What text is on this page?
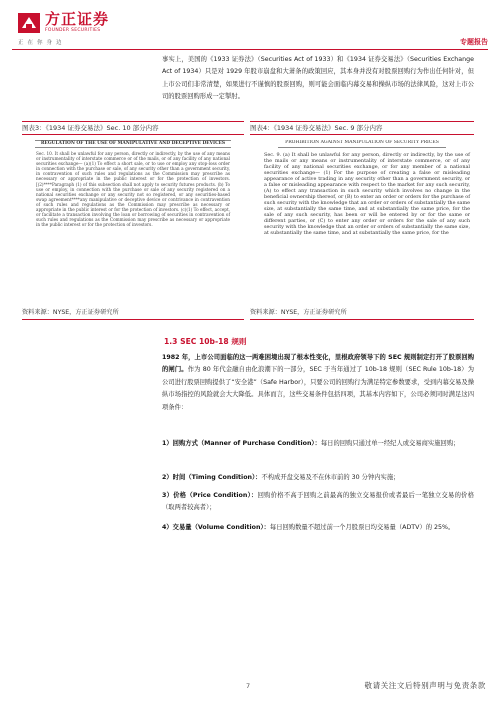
方正证券
FOUNDER SECURITIES
正在你身边	专题报告
事实上，美国的《1933 证券法》（Securities Act of 1933）和《1934 证券交易法》（Securities Exchange Act of 1934）只是对 1929 年股市崩盘和大萧条的政策回应，其本身并没有对股票回购行为作出任何针对，但上市公司们非常清楚，如果进行不谨慎的股票回购，则可能会面临内幕交易和操纵市场的法律风险，这对上市公司的股票回购形成一定掣肘。
图表3：《1934 证券交易法》Sec. 10 部分内容
REGULATION OF THE USE OF MANIPULATIVE AND DECEPTIVE DEVICES
Sec. 10. It shall be unlawful for any person, directly or indirectly, by the use of any means or instrumentality of interstate commerce or of the mails, or of any facility of any national securities exchange— (a)(1) To effect a short sale, or to use or employ any stop-loss order in connection with the purchase or sale, of any security other than a government security, in contravention of such rules and regulations as the Commission may prescribe as necessary or appropriate in the public interest or for the protection of investors. [(2)****Paragraph (1) of this subsection shall not apply to security futures products. (b) To use or employ, in connection with the purchase or sale of any security registered on a national securities exchange or any security not so registered, or any securities-based swap agreement****any manipulative or deceptive device or contrivance in contravention of such rules and regulations as the Commission may prescribe as necessary or appropriate in the public interest or for the protection of investors. (c)(1) To effect, accept, or facilitate a transaction involving the loan or borrowing of securities in contravention of such rules and regulations as the Commission may prescribe as necessary or appropriate in the public interest or for the protection of investors.
资料来源：NYSE，方正证券研究所
图表4：《1934 证券交易法》Sec. 9 部分内容
PROHIBITION AGAINST MANIPULATION OF SECURITY PRICES
Sec. 9. (a) It shall be unlawful for any person, directly or indirectly, by the use of the mails or any means or instrumentality of interstate commerce, or of any facility of any national securities exchange, or for any member of a national securities exchange— (1) For the purpose of creating a false or misleading appearance of active trading in any security other than a government security, or a false or misleading appearance with respect to the market for any such security, (A) to effect any transaction in such security which involves no change in the beneficial ownership thereof, or (B) to enter an order or orders for the purchase of such security with the knowledge that an order or orders of substantially the same size, at substantially the same time, and at substantially the same price, for the sale of any such security, has been or will be entered by or for the same or different parties, or (C) to enter any order or orders for the sale of any such security with the knowledge that an order or orders of substantially the same size, at substantially the same time, and at substantially the same price, for the
资料来源：NYSE，方正证券研究所
1.3 SEC 10b-18 规则
1982 年，上市公司面临的这一两难困境出现了根本性变化，里根政府领导下的 SEC 规则制定打开了股票回购的闸门。作为 80 年代金融自由化浪潮下的一部分，SEC 于当年通过了 10b-18 规则（SEC Rule 10b-18）为公司进行股票回购提供了“安全港”（Safe Harbor），只要公司的回购行为满足特定参数要求，受到内幕交易及操纵市场指控的风险就会大大降低。具体而言，这些交易条件包括四项，其基本内容如下，公司必须同时满足这四项条件：
1）回购方式（Manner of Purchase Condition）：每日的回购只通过单一经纪人或交易商实施回购；
2）时间（Timing Condition）：不构成开盘交易及不在休市前的 30 分钟内实施；
3）价格（Price Condition）：回购价格不高于回购之前最高的独立交易报价或者最后一笔独立交易的价格（取两者较高者）；
4）交易量（Volume Condition）：每日回购数量不超过前一个月股票日均交易量（ADTV）的 25%。
7	敬请关注文后特别声明与免责条款
